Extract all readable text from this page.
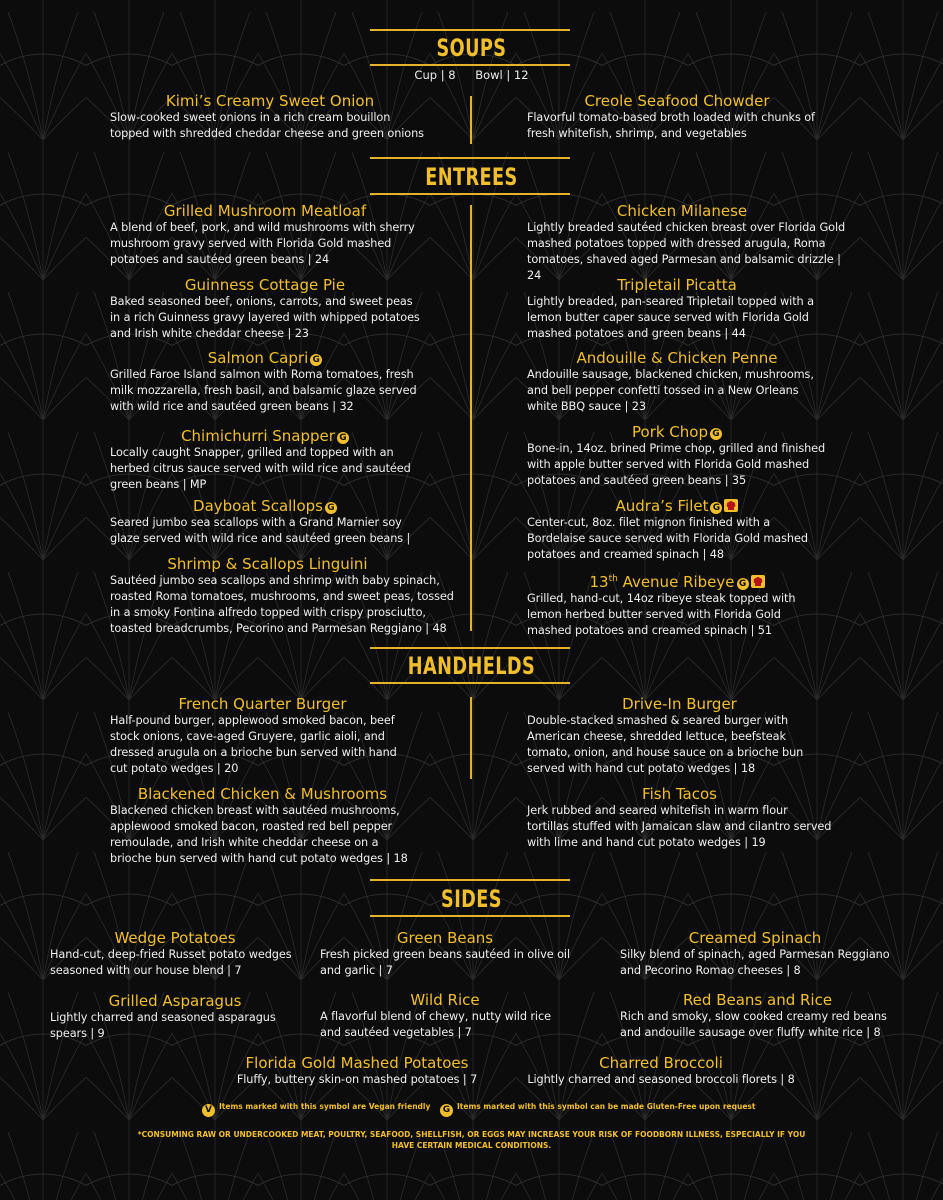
SOUPS
Cup | 8 Bowl | 12
Kimi’s Creamy Sweet Onion
Slow-cooked sweet onions in a rich cream bouillon topped with shredded cheddar cheese and green onions
Creole Seafood Chowder
Flavorful tomato-based broth loaded with chunks of fresh whitefish, shrimp, and vegetables
ENTREES
Grilled Mushroom Meatloaf
A blend of beef, pork, and wild mushrooms with sherry mushroom gravy served with Florida Gold mashed potatoes and sautéed green beans | 24
Guinness Cottage Pie
Baked seasoned beef, onions, carrots, and sweet peas in a rich Guinness gravy layered with whipped potatoes and Irish white cheddar cheese | 23
Salmon Capri G
Grilled Faroe Island salmon with Roma tomatoes, fresh milk mozzarella, fresh basil, and balsamic glaze served with wild rice and sautéed green beans | 32
Chimichurri Snapper G
Locally caught Snapper, grilled and topped with an herbed citrus sauce served with wild rice and sautéed green beans | MP
Dayboat Scallops G
Seared jumbo sea scallops with a Grand Marnier soy glaze served with wild rice and sautéed green beans |
Shrimp & Scallops Linguini
Sautéed jumbo sea scallops and shrimp with baby spinach, roasted Roma tomatoes, mushrooms, and sweet peas, tossed in a smoky Fontina alfredo topped with crispy prosciutto, toasted breadcrumbs, Pecorino and Parmesan Reggiano | 48
Chicken Milanese
Lightly breaded sautéed chicken breast over Florida Gold mashed potatoes topped with dressed arugula, Roma tomatoes, shaved aged Parmesan and balsamic drizzle | 24
Tripletail Picatta
Lightly breaded, pan-seared Tripletail topped with a lemon butter caper sauce served with Florida Gold mashed potatoes and green beans | 44
Andouille & Chicken Penne
Andouille sausage, blackened chicken, mushrooms, and bell pepper confetti tossed in a New Orleans white BBQ sauce | 23
Pork Chop G
Bone-in, 14oz. brined Prime chop, grilled and finished with apple butter served with Florida Gold mashed potatoes and sautéed green beans | 35
Audra’s Filet G
Center-cut, 8oz. filet mignon finished with a Bordelaise sauce served with Florida Gold mashed potatoes and creamed spinach | 48
13th Avenue Ribeye G
Grilled, hand-cut, 14oz ribeye steak topped with lemon herbed butter served with Florida Gold mashed potatoes and creamed spinach | 51
HANDHELDS
French Quarter Burger
Half-pound burger, applewood smoked bacon, beef stock onions, cave-aged Gruyere, garlic aioli, and dressed arugula on a brioche bun served with hand cut potato wedges | 20
Blackened Chicken & Mushrooms
Blackened chicken breast with sautéed mushrooms, applewood smoked bacon, roasted red bell pepper remoulade, and Irish white cheddar cheese on a brioche bun served with hand cut potato wedges | 18
Drive-In Burger
Double-stacked smashed & seared burger with American cheese, shredded lettuce, beefsteak tomato, onion, and house sauce on a brioche bun served with hand cut potato wedges | 18
Fish Tacos
Jerk rubbed and seared whitefish in warm flour tortillas stuffed with Jamaican slaw and cilantro served with lime and hand cut potato wedges | 19
SIDES
Wedge Potatoes
Hand-cut, deep-fried Russet potato wedges seasoned with our house blend | 7
Green Beans
Fresh picked green beans sautéed in olive oil and garlic | 7
Creamed Spinach
Silky blend of spinach, aged Parmesan Reggiano and Pecorino Romao cheeses | 8
Grilled Asparagus
Lightly charred and seasoned asparagus spears | 9
Wild Rice
A flavorful blend of chewy, nutty wild rice and sautéed vegetables | 7
Red Beans and Rice
Rich and smoky, slow cooked creamy red beans and andouille sausage over fluffy white rice | 8
Florida Gold Mashed Potatoes
Fluffy, buttery skin-on mashed potatoes | 7
Charred Broccoli
Lightly charred and seasoned broccoli florets | 8
V Items marked with this symbol are Vegan friendly	G Items marked with this symbol can be made Gluten-Free upon request
*CONSUMING RAW OR UNDERCOOKED MEAT, POULTRY, SEAFOOD, SHELLFISH, OR EGGS MAY INCREASE YOUR RISK OF FOODBORN ILLNESS, ESPECIALLY IF YOU
HAVE CERTAIN MEDICAL CONDITIONS.
